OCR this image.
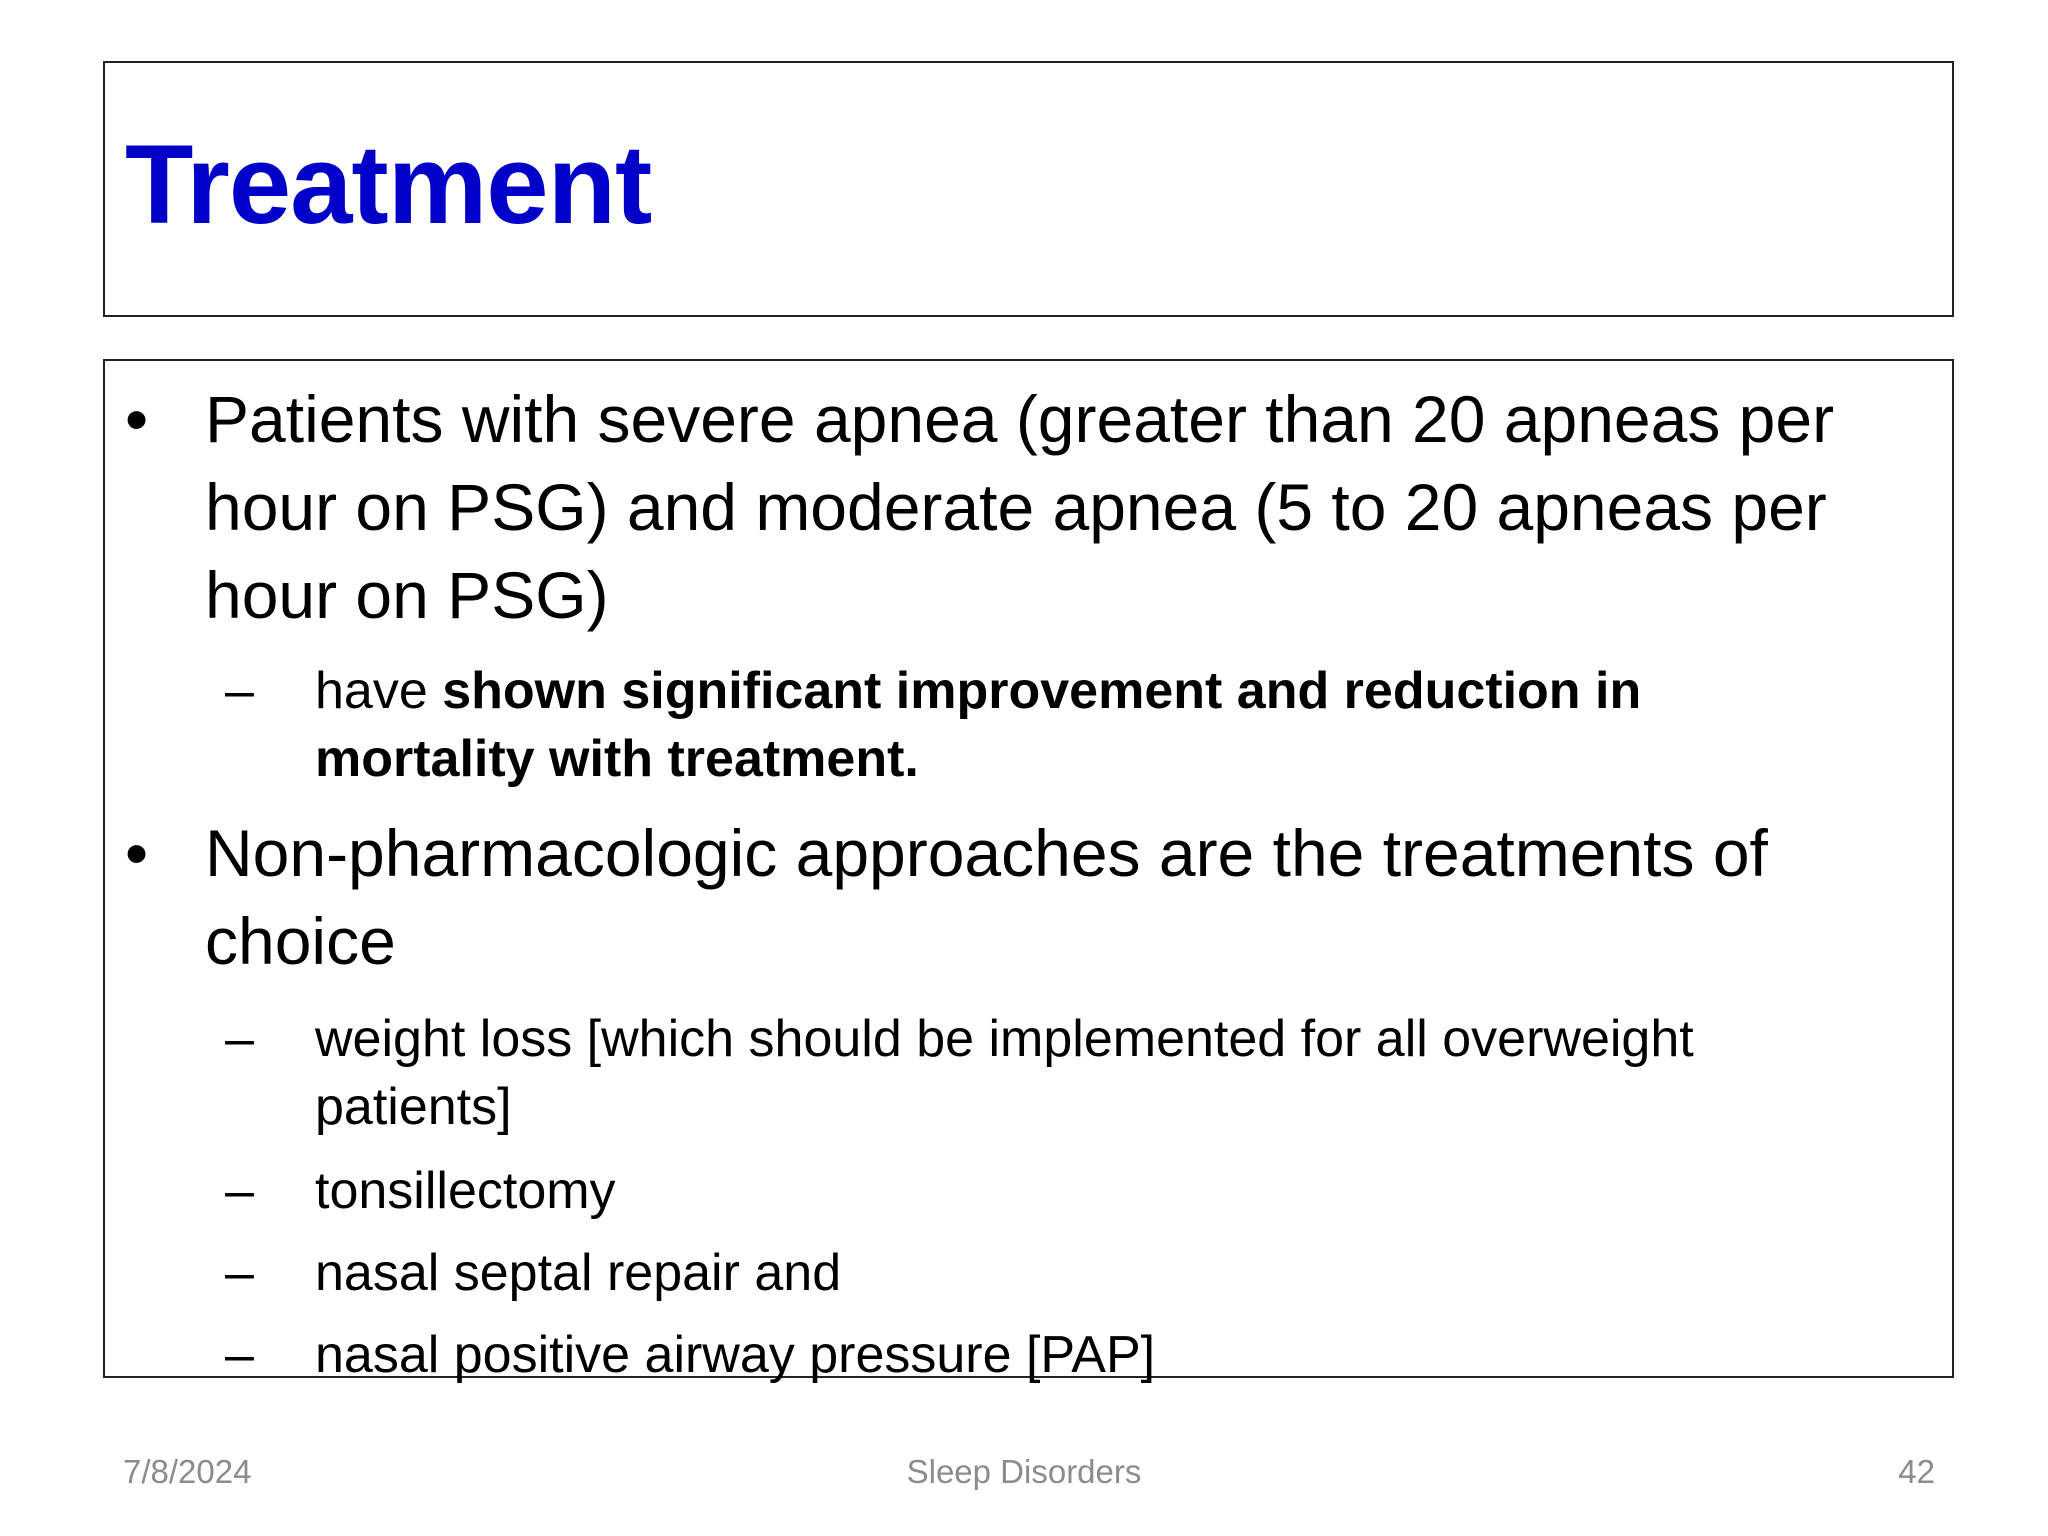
Treatment
• Patients with severe apnea (greater than 20 apneas per hour on PSG) and moderate apnea (5 to 20 apneas per hour on PSG)
– have shown significant improvement and reduction in mortality with treatment.
• Non-pharmacologic approaches are the treatments of choice
– weight loss [which should be implemented for all overweight patients]
– tonsillectomy
– nasal septal repair and
– nasal positive airway pressure [PAP]
7/8/2024	Sleep Disorders	42
